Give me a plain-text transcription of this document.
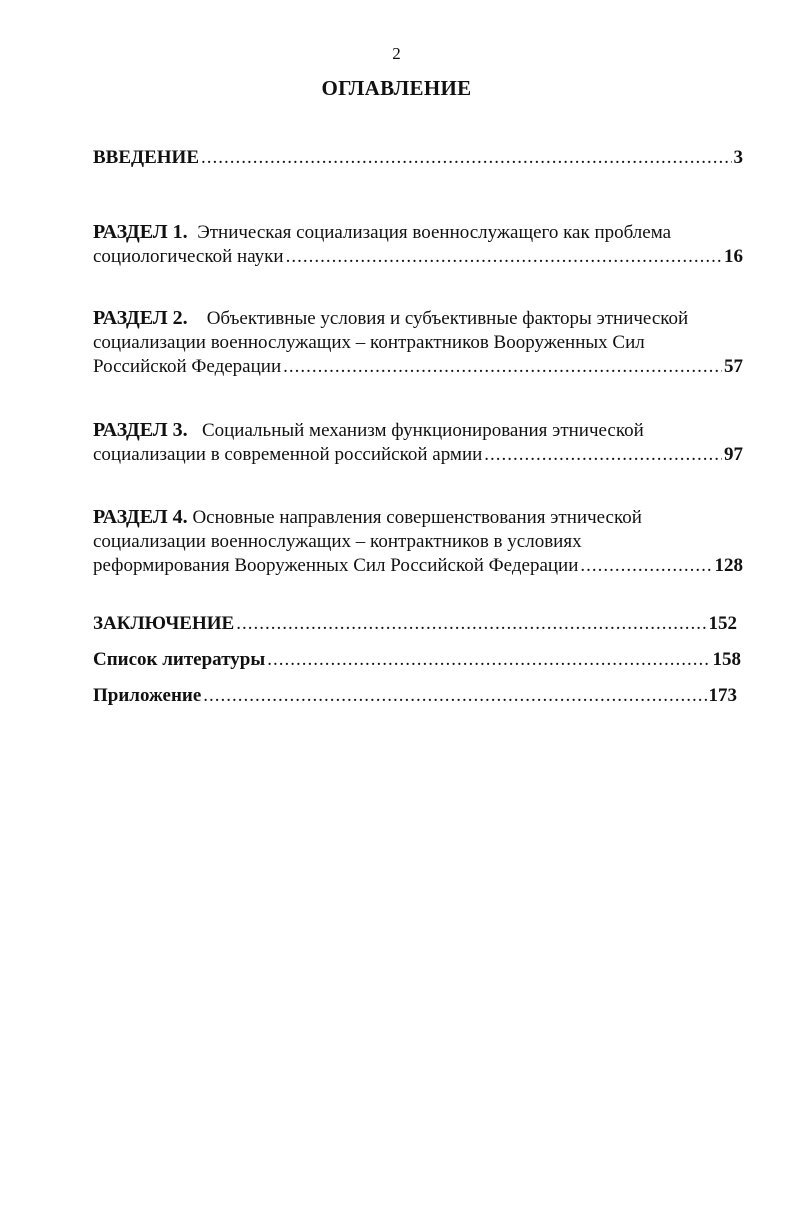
2
ОГЛАВЛЕНИЕ
ВВЕДЕНИЕ .....	3
РАЗДЕЛ 1.
Этническая социализация военнослужащего как проблема
социологической науки .....	16
РАЗДЕЛ 2.
Объективные условия и субъективные факторы этнической
социализации военнослужащих – контрактников Вооруженных Сил
Российской Федерации .....	57
РАЗДЕЛ 3.
Социальный механизм функционирования этнической
социализации в современной российской армии .....	97
РАЗДЕЛ 4.
Основные направления совершенствования этнической
социализации военнослужащих – контрактников в условиях
реформирования Вооруженных Сил Российской Федерации .....	128
ЗАКЛЮЧЕНИЕ .....	152
Список литературы .....	158
Приложение .....	173
